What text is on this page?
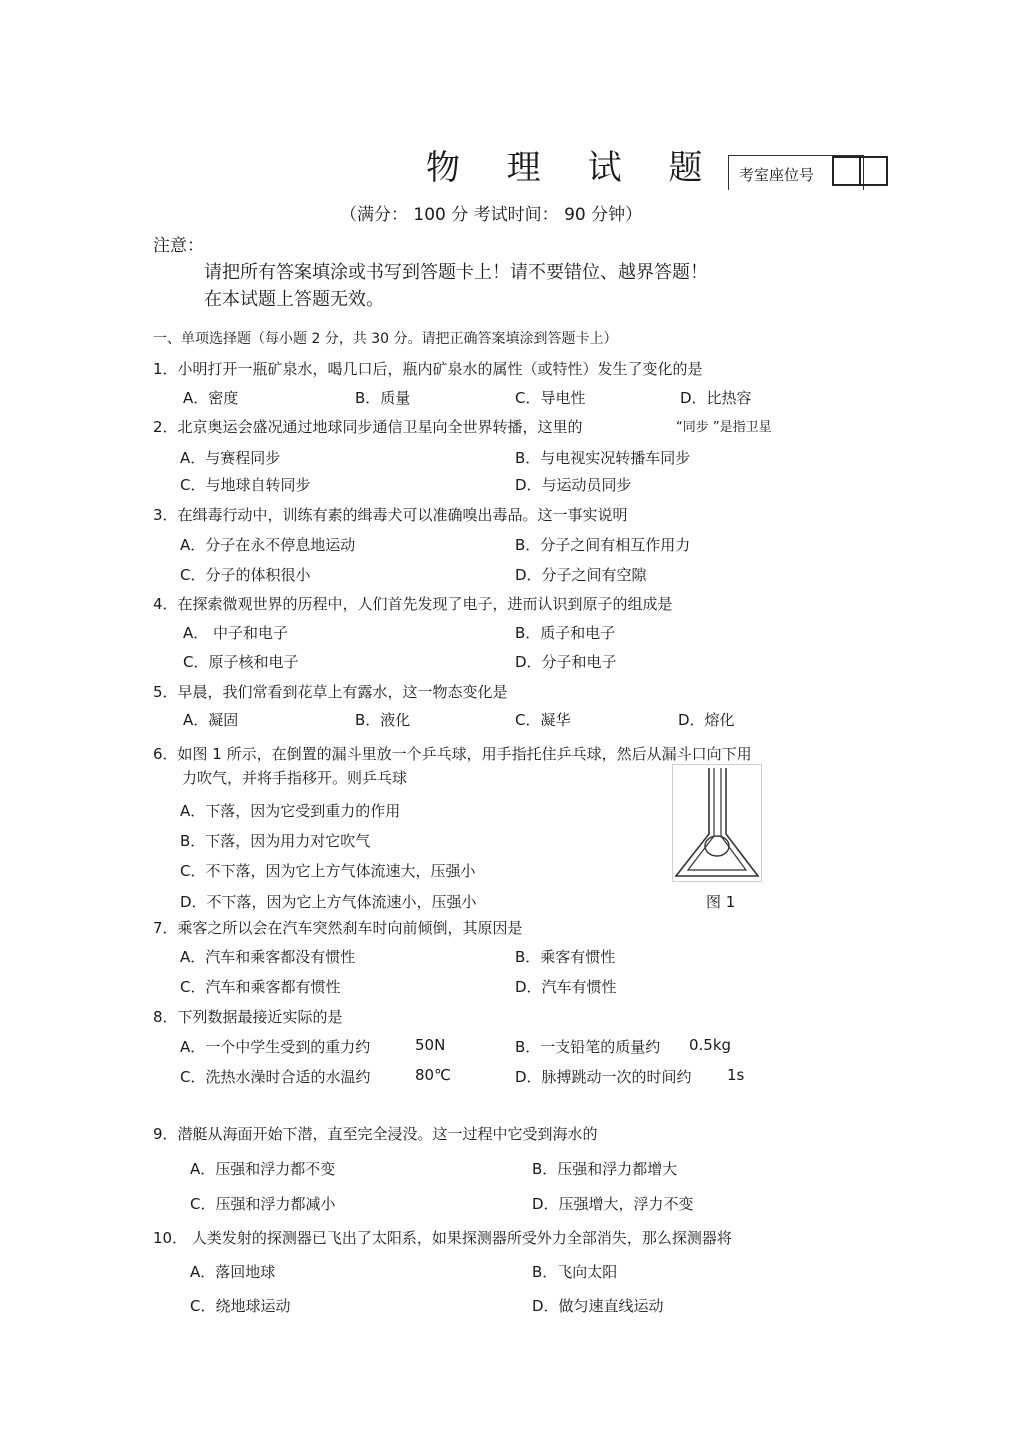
物 理 试 题 考室座位号
（满分： 100 分 考试时间： 90 分钟）
注意：
请把所有答案填涂或书写到答题卡上！请不要错位、越界答题！
在本试题上答题无效。
一、单项选择题（每小题 2 分，共 30 分。请把正确答案填涂到答题卡上）
1．小明打开一瓶矿泉水，喝几口后，瓶内矿泉水的属性（或特性）发生了变化的是
A．密度	B．质量	C．导电性	D．比热容
2．北京奥运会盛况通过地球同步通信卫星向全世界转播，这里的	“同步 ”是指卫星
A．与赛程同步	B．与电视实况转播车同步
C．与地球自转同步	D．与运动员同步
3．在缉毒行动中，训练有素的缉毒犬可以准确嗅出毒品。这一事实说明
A．分子在永不停息地运动	B．分子之间有相互作用力
C．分子的体积很小	D．分子之间有空隙
4．在探索微观世界的历程中，人们首先发现了电子，进而认识到原子的组成是
A． 中子和电子	B．质子和电子
C．原子核和电子	D．分子和电子
5．早晨，我们常看到花草上有露水，这一物态变化是
A．凝固	B．液化	C．凝华	D．熔化
6．如图 1 所示，在倒置的漏斗里放一个乒乓球，用手指托住乒乓球，然后从漏斗口向下用
力吹气，并将手指移开。则乒乓球
A．下落，因为它受到重力的作用
B．下落，因为用力对它吹气
C．不下落，因为它上方气体流速大，压强小
D．不下落，因为它上方气体流速小，压强小	图 1
7．乘客之所以会在汽车突然刹车时向前倾倒，其原因是
A．汽车和乘客都没有惯性	B．乘客有惯性
C．汽车和乘客都有惯性	D．汽车有惯性
8．下列数据最接近实际的是
A．一个中学生受到的重力约	50N	B．一支铅笔的质量约 0.5kg
C．洗热水澡时合适的水温约	80℃	D．脉搏跳动一次的时间约 1s
9．潜艇从海面开始下潜，直至完全浸没。这一过程中它受到海水的
A．压强和浮力都不变	B．压强和浮力都增大
C．压强和浮力都减小	D．压强增大，浮力不变
10． 人类发射的探测器已飞出了太阳系，如果探测器所受外力全部消失，那么探测器将
A．落回地球	B．飞向太阳
C．绕地球运动	D．做匀速直线运动
